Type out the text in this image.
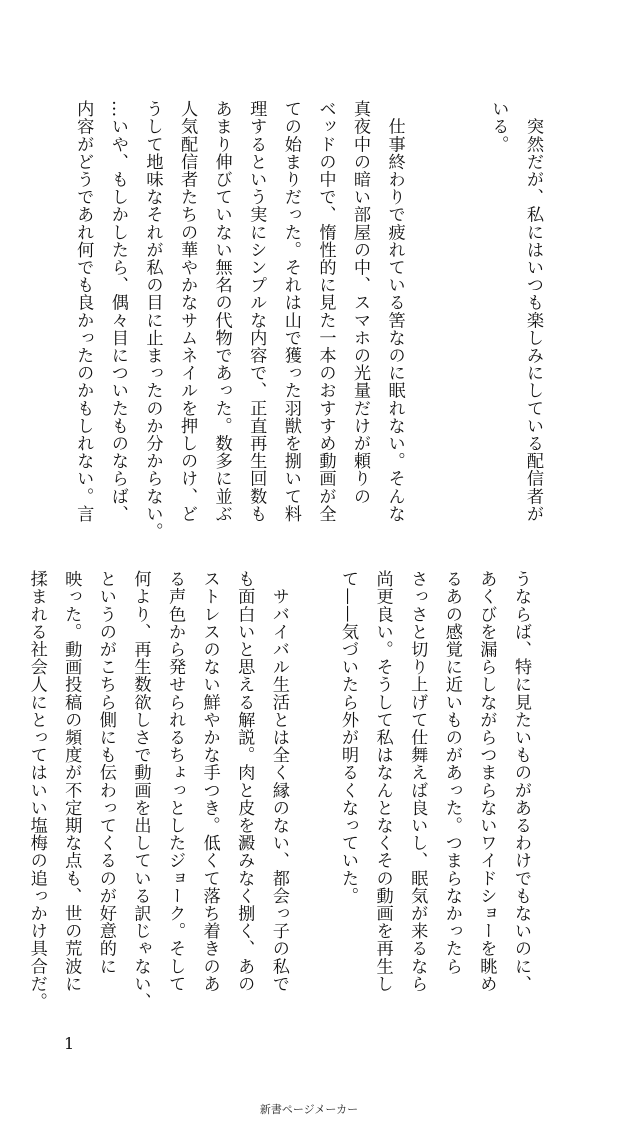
　突然だが、私にはいつも楽しみにしている配信者が
いる。
　仕事終わりで疲れている筈なのに眠れない。そんな
真夜中の暗い部屋の中、スマホの光量だけが頼りの
ベッドの中で、惰性的に見た一本のおすすめ動画が全
ての始まりだった。それは山で獲った羽獣を捌いて料
理するという実にシンプルな内容で、正直再生回数も
あまり伸びていない無名の代物であった。数多に並ぶ
人気配信者たちの華やかなサムネイルを押しのけ、ど
うして地味なそれが私の目に止まったのか分からない。
…いや、もしかしたら、偶々目についたものならば、
内容がどうであれ何でも良かったのかもしれない。言
うならば、特に見たいものがあるわけでもないのに、
あくびを漏らしながらつまらないワイドショーを眺め
るあの感覚に近いものがあった。つまらなかったら
さっさと切り上げて仕舞えば良いし、眠気が来るなら
尚更良い。そうして私はなんとなくその動画を再生し
て——気づいたら外が明るくなっていた。
　サバイバル生活とは全く縁のない、都会っ子の私で
も面白いと思える解説。肉と皮を澱みなく捌く、あの
ストレスのない鮮やかな手つき。低くて落ち着きのあ
る声色から発せられるちょっとしたジョーク。そして
何より、再生数欲しさで動画を出している訳じゃない、
というのがこちら側にも伝わってくるのが好意的に
映った。動画投稿の頻度が不定期な点も、世の荒波に
揉まれる社会人にとってはいい塩梅の追っかけ具合だ。
1
新書ページメーカー
